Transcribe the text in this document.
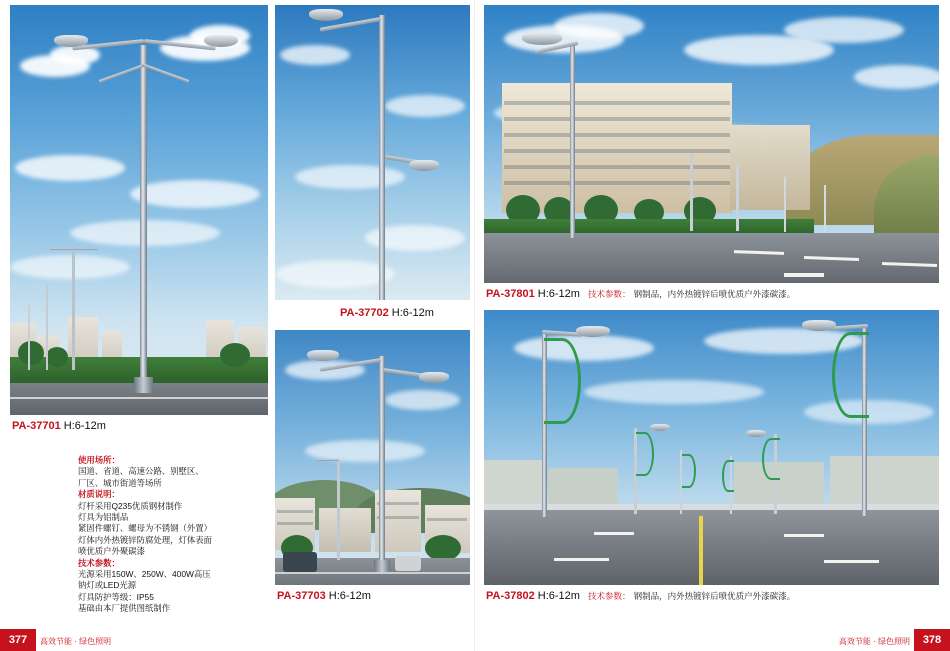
PA-37701 H:6-12m
使用场所：
国道、省道、高速公路、别墅区、
厂区、城市街道等场所
材质说明：
灯杆采用Q235优质钢材制作
灯具为铝制品
紧固件螺钉、螺母为不锈钢（外置）
灯体内外热镀锌防腐处理，灯体表面
喷优质户外聚碳漆
技术参数：
光源采用150W、250W、400W高压
钠灯或LED光源
灯具防护等级：IP55
基础由本厂提供图纸制作
PA-37702 H:6-12m
PA-37703 H:6-12m
PA-37801 H:6-12m 技术参数： 钢制品，内外热镀锌后喷优质户外漆碳漆。
PA-37802 H:6-12m 技术参数： 钢制品，内外热镀锌后喷优质户外漆碳漆。
377	高效节能 · 绿色照明	378
高效节能 · 绿色照明
